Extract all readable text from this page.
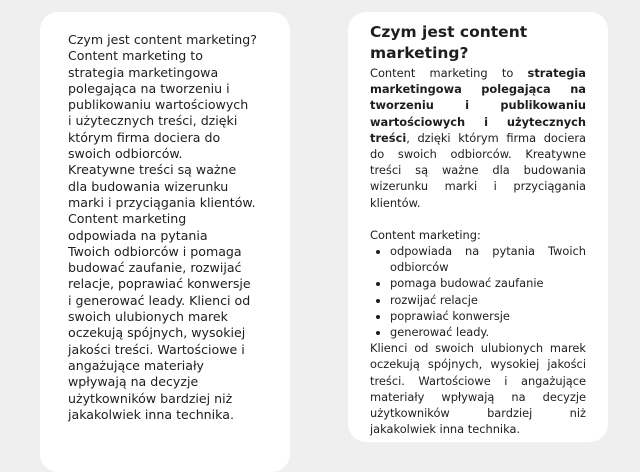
Czym jest content marketing?
Content marketing to
strategia marketingowa
polegająca na tworzeniu i
publikowaniu wartościowych
i użytecznych treści, dzięki
którym firma dociera do
swoich odbiorców.
Kreatywne treści są ważne
dla budowania wizerunku
marki i przyciągania klientów.
Content marketing
odpowiada na pytania
Twoich odbiorców i pomaga
budować zaufanie, rozwijać
relacje, poprawiać konwersje
i generować leady. Klienci od
swoich ulubionych marek
oczekują spójnych, wysokiej
jakości treści. Wartościowe i
angażujące materiały
wpływają na decyzje
użytkowników bardziej niż
jakakolwiek inna technika.
Czym jest content marketing?

Content marketing to strategia marketingowa polegająca na tworzeniu i publikowaniu wartościowych i użytecznych treści, dzięki którym firma dociera do swoich odbiorców. Kreatywne treści są ważne dla budowania wizerunku marki i przyciągania klientów.

Content marketing:

• odpowiada na pytania Twoich odbiorców
• pomaga budować zaufanie
• rozwijać relacje
• poprawiać konwersje
• generować leady.

Klienci od swoich ulubionych marek oczekują spójnych, wysokiej jakości treści. Wartościowe i angażujące materiały wpływają na decyzje użytkowników bardziej niż jakakolwiek inna technika.
